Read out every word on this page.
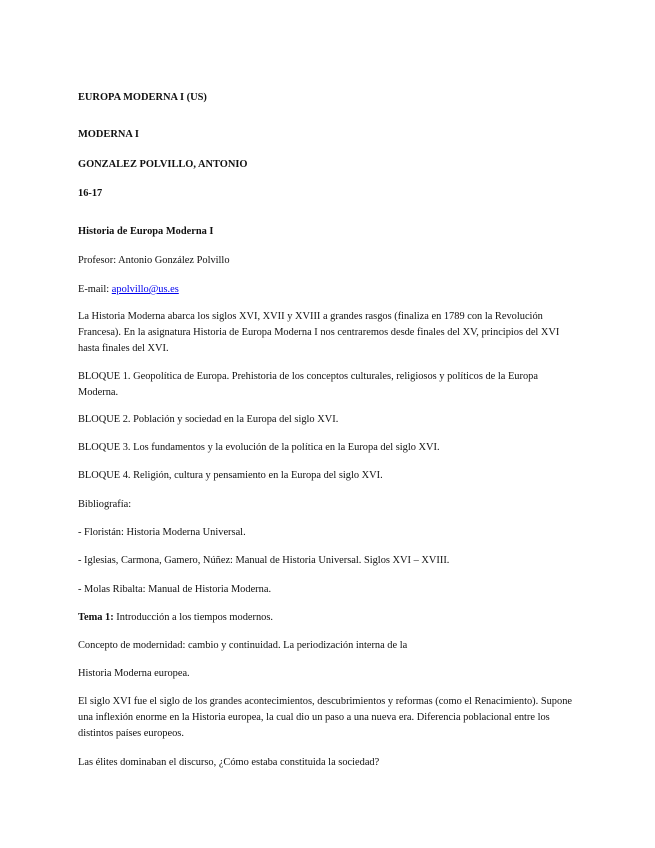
EUROPA MODERNA I (US)

MODERNA I

GONZALEZ POLVILLO, ANTONIO

16-17

Historia de Europa Moderna I

Profesor: Antonio González Polvillo

E-mail: apolvillo@us.es

La Historia Moderna abarca los siglos XVI, XVII y XVIII a grandes rasgos (finaliza en 1789 con la Revolución Francesa). En la asignatura Historia de Europa Moderna I nos centraremos desde finales del XV, principios del XVI hasta finales del XVI.

BLOQUE 1. Geopolítica de Europa. Prehistoria de los conceptos culturales, religiosos y políticos de la Europa Moderna.

BLOQUE 2. Población y sociedad en la Europa del siglo XVI.

BLOQUE 3. Los fundamentos y la evolución de la política en la Europa del siglo XVI.

BLOQUE 4. Religión, cultura y pensamiento en la Europa del siglo XVI.

Bibliografía:

- Floristán: Historia Moderna Universal.

- Iglesias, Carmona, Gamero, Núñez: Manual de Historia Universal. Siglos XVI – XVIII.

- Molas Ribalta: Manual de Historia Moderna.

Tema 1: Introducción a los tiempos modernos.

Concepto de modernidad: cambio y continuidad. La periodización interna de la

Historia Moderna europea.

El siglo XVI fue el siglo de los grandes acontecimientos, descubrimientos y reformas (como el Renacimiento). Supone una inflexión enorme en la Historia europea, la cual dio un paso a una nueva era. Diferencia poblacional entre los distintos países europeos.

Las élites dominaban el discurso, ¿Cómo estaba constituida la sociedad?
